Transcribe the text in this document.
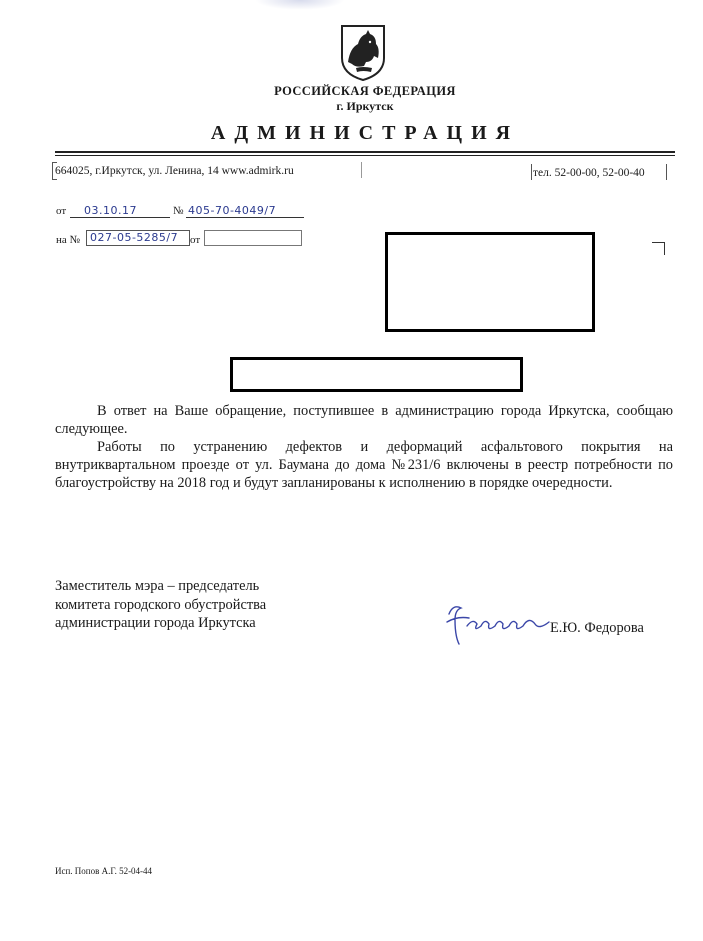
РОССИЙСКАЯ ФЕДЕРАЦИЯ
г. Иркутск
АДМИНИСТРАЦИЯ
664025, г.Иркутск, ул. Ленина, 14 www.admirk.ru	тел. 52-00-00, 52-00-40
от 03.10.17	№ 405-70-4049/7
на № 027-05-5285/7 от

В ответ на Ваше обращение, поступившее в администрацию города Иркутска, сообщаю следующее.

Работы по устранению дефектов и деформаций асфальтового покрытия на внутриквартальном проезде от ул. Баумана до дома №231/6 включены в реестр потребности по благоустройству на 2018 год и будут запланированы к исполнению в порядке очередности.

Заместитель мэра – председатель
комитета городского обустройства
администрации города Иркутска	Е.Ю. Федорова
Исп. Попов А.Г. 52-04-44
